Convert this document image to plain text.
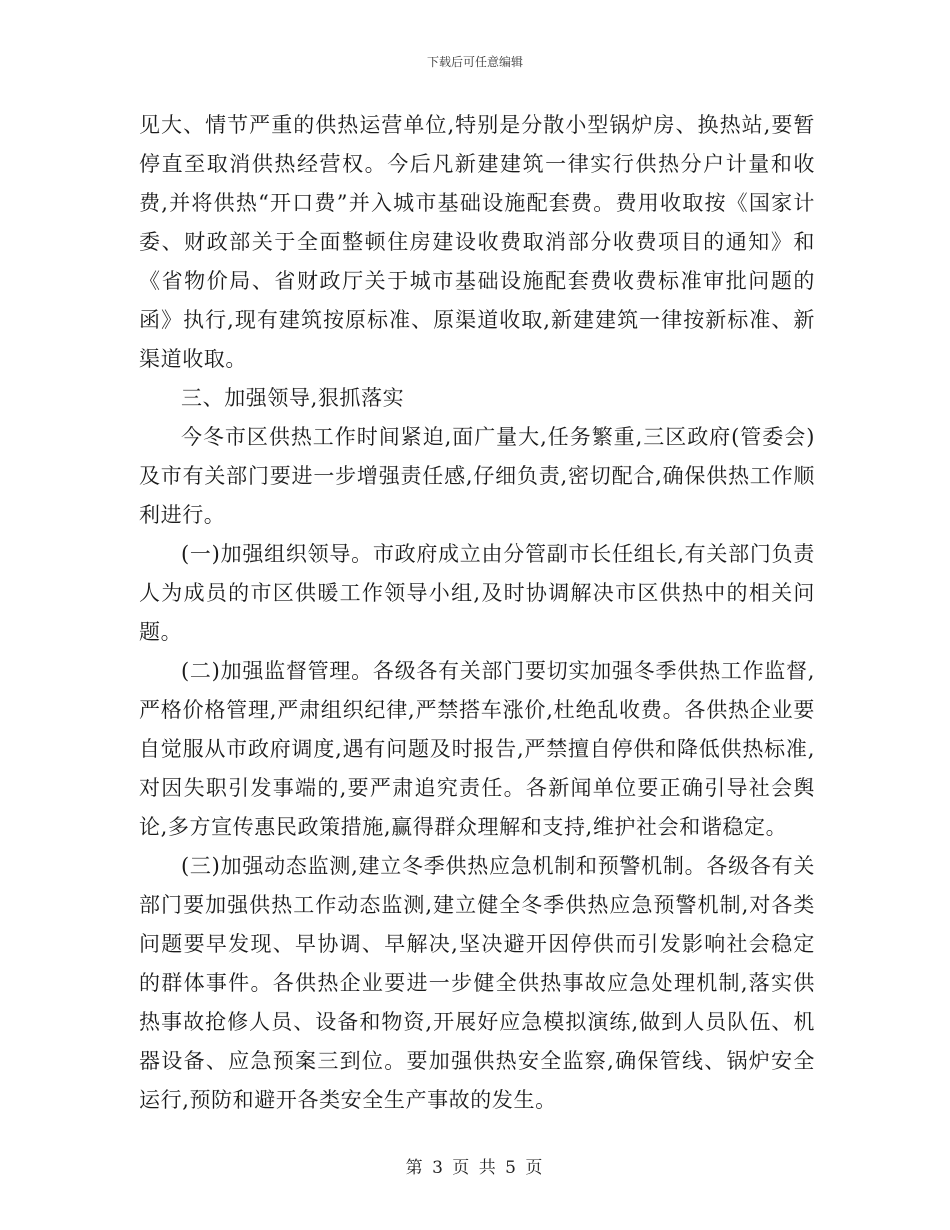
下载后可任意编辑

见大、情节严重的供热运营单位,特别是分散小型锅炉房、换热站,要暂停直至取消供热经营权。今后凡新建建筑一律实行供热分户计量和收费,并将供热“开口费”并入城市基础设施配套费。费用收取按《国家计委、财政部关于全面整顿住房建设收费取消部分收费项目的通知》和《省物价局、省财政厅关于城市基础设施配套费收费标准审批问题的函》执行,现有建筑按原标准、原渠道收取,新建建筑一律按新标准、新渠道收取。

三、加强领导,狠抓落实

今冬市区供热工作时间紧迫,面广量大,任务繁重,三区政府(管委会)及市有关部门要进一步增强责任感,仔细负责,密切配合,确保供热工作顺利进行。

(一)加强组织领导。市政府成立由分管副市长任组长,有关部门负责人为成员的市区供暖工作领导小组,及时协调解决市区供热中的相关问题。

(二)加强监督管理。各级各有关部门要切实加强冬季供热工作监督,严格价格管理,严肃组织纪律,严禁搭车涨价,杜绝乱收费。各供热企业要自觉服从市政府调度,遇有问题及时报告,严禁擅自停供和降低供热标准,对因失职引发事端的,要严肃追究责任。各新闻单位要正确引导社会舆论,多方宣传惠民政策措施,赢得群众理解和支持,维护社会和谐稳定。

(三)加强动态监测,建立冬季供热应急机制和预警机制。各级各有关部门要加强供热工作动态监测,建立健全冬季供热应急预警机制,对各类问题要早发现、早协调、早解决,坚决避开因停供而引发影响社会稳定的群体事件。各供热企业要进一步健全供热事故应急处理机制,落实供热事故抢修人员、设备和物资,开展好应急模拟演练,做到人员队伍、机器设备、应急预案三到位。要加强供热安全监察,确保管线、锅炉安全运行,预防和避开各类安全生产事故的发生。

第 3 页 共 5 页
